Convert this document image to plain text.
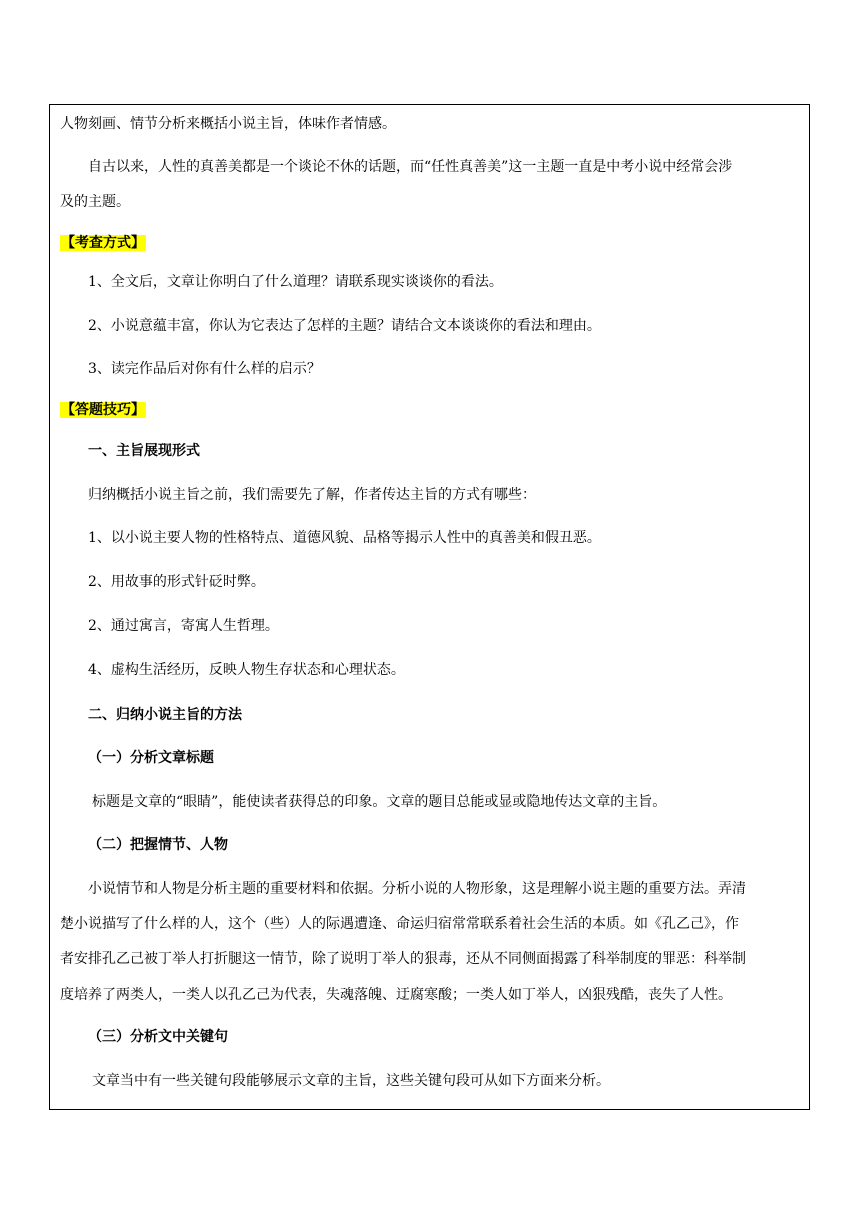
人物刻画、情节分析来概括小说主旨，体味作者情感。
自古以来，人性的真善美都是一个谈论不休的话题，而“任性真善美”这一主题一直是中考小说中经常会涉
及的主题。
【考查方式】
1、全文后，文章让你明白了什么道理？请联系现实谈谈你的看法。
2、小说意蕴丰富，你认为它表达了怎样的主题？请结合文本谈谈你的看法和理由。
3、读完作品后对你有什么样的启示？
【答题技巧】
一、主旨展现形式
归纳概括小说主旨之前，我们需要先了解，作者传达主旨的方式有哪些：
1、以小说主要人物的性格特点、道德风貌、品格等揭示人性中的真善美和假丑恶。
2、用故事的形式针砭时弊。
2、通过寓言，寄寓人生哲理。
4、虚构生活经历，反映人物生存状态和心理状态。
二、归纳小说主旨的方法
（一）分析文章标题
标题是文章的“眼睛”，能使读者获得总的印象。文章的题目总能或显或隐地传达文章的主旨。
（二）把握情节、人物
小说情节和人物是分析主题的重要材料和依据。分析小说的人物形象，这是理解小说主题的重要方法。弄清
楚小说描写了什么样的人，这个（些）人的际遇遭逢、命运归宿常常联系着社会生活的本质。如《孔乙己》，作
者安排孔乙己被丁举人打折腿这一情节，除了说明丁举人的狠毒，还从不同侧面揭露了科举制度的罪恶：科举制
度培养了两类人，一类人以孔乙己为代表，失魂落魄、迂腐寒酸；一类人如丁举人，凶狠残酷，丧失了人性。
（三）分析文中关键句
文章当中有一些关键句段能够展示文章的主旨，这些关键句段可从如下方面来分析。
